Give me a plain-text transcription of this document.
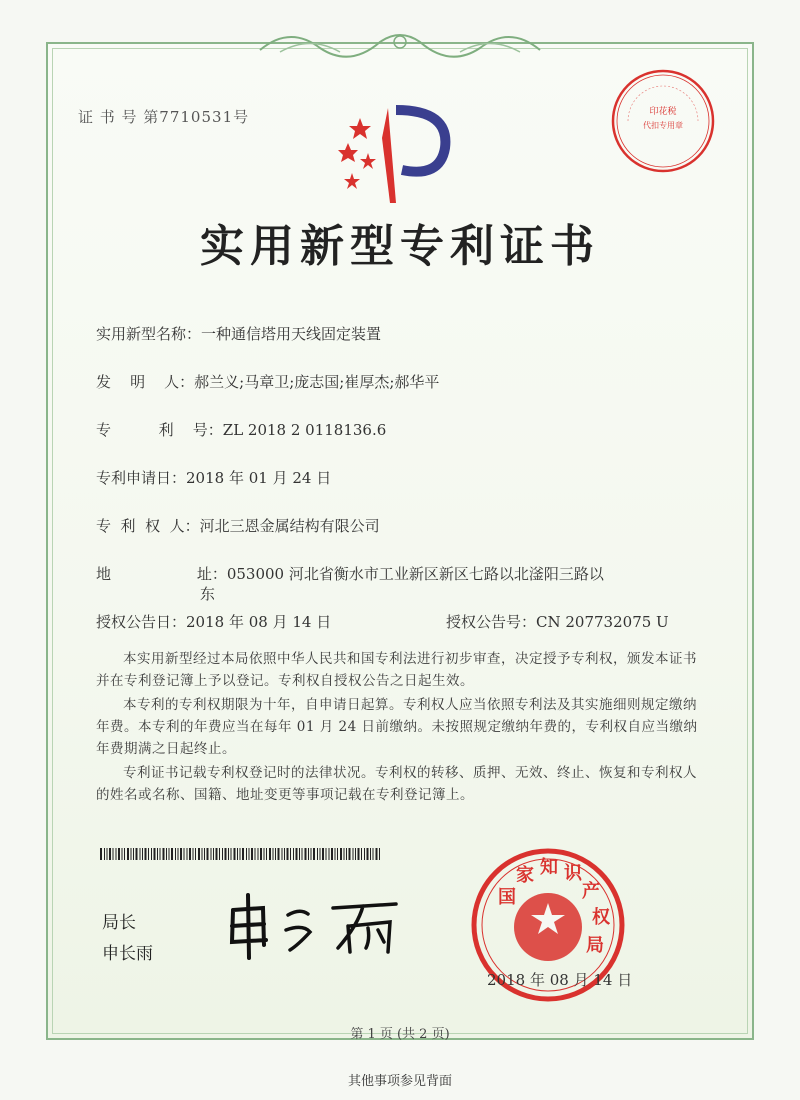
证 书 号 第7710531号	印花税
代扣专用章
实用新型专利证书
实用新型名称：一种通信塔用天线固定装置
发    明    人：郝兰义;马章卫;庞志国;崔厚杰;郝华平
专          利    号：ZL 2018 2 0118136.6
专利申请日：2018 年 01 月 24 日
专  利  权  人：河北三恩金属结构有限公司
地                  址：053000 河北省衡水市工业新区新区七路以北滏阳三路以
东
授权公告日：2018 年 08 月 14 日	授权公告号：CN 207732075 U

本实用新型经过本局依照中华人民共和国专利法进行初步审查，决定授予专利权，颁发本证书并在专利登记簿上予以登记。专利权自授权公告之日起生效。

本专利的专利权期限为十年，自申请日起算。专利权人应当依照专利法及其实施细则规定缴纳年费。本专利的年费应当在每年 01 月 24 日前缴纳。未按照规定缴纳年费的，专利权自应当缴纳年费期满之日起终止。

专利证书记载专利权登记时的法律状况。专利权的转移、质押、无效、终止、恢复和专利权人的姓名或名称、国籍、地址变更等事项记载在专利登记簿上。

局长
申长雨
国
家 知 识
产
权
局
2018 年 08 月 14 日
第 1 页 (共 2 页)
其他事项参见背面
